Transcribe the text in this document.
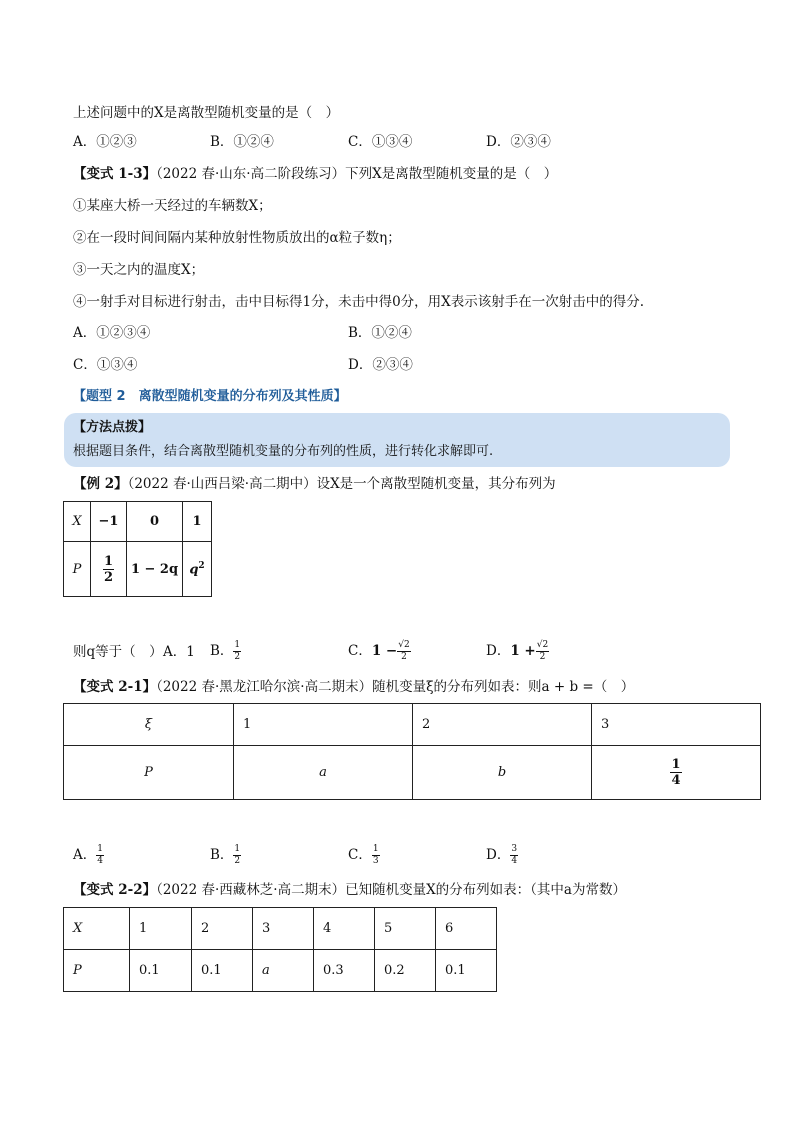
上述问题中的X是离散型随机变量的是（　）
A．①②③	B．①②④	C．①③④	D．②③④
【变式 1-3】（2022 春·山东·高二阶段练习）下列X是离散型随机变量的是（　）
①某座大桥一天经过的车辆数X；
②在一段时间间隔内某种放射性物质放出的α粒子数η；
③一天之内的温度X；
④一射手对目标进行射击，击中目标得1分，未击中得0分，用X表示该射手在一次射击中的得分.
A．①②③④	B．①②④
C．①③④	D．②③④
【题型 2　离散型随机变量的分布列及其性质】
【方法点拨】
根据题目条件，结合离散型随机变量的分布列的性质，进行转化求解即可.
【例 2】（2022 春·山西吕梁·高二期中）设X是一个离散型随机变量，其分布列为
X	−1	0	1
P	$\frac{1}{2}$	1 − 2q	$q^2$
则q等于（　） A．1 B． $\frac{1}{2}$	C．$1 - \frac{√2}{2}$	D．$1 + \frac{√2}{2}$
【变式 2-1】（2022 春·黑龙江哈尔滨·高二期末）随机变量ξ的分布列如表：则a + b =（　）
ξ	1	2	3
P	a	b	$\frac{1}{4}$
A． $\frac{1}{4}$	B． $\frac{1}{2}$	C． $\frac{1}{3}$	D． $\frac{3}{4}$
【变式 2-2】（2022 春·西藏林芝·高二期末）已知随机变量X的分布列如表：（其中a为常数）
X	1	2	3	4	5	6
P	0.1	0.1	a	0.3	0.2	0.1
